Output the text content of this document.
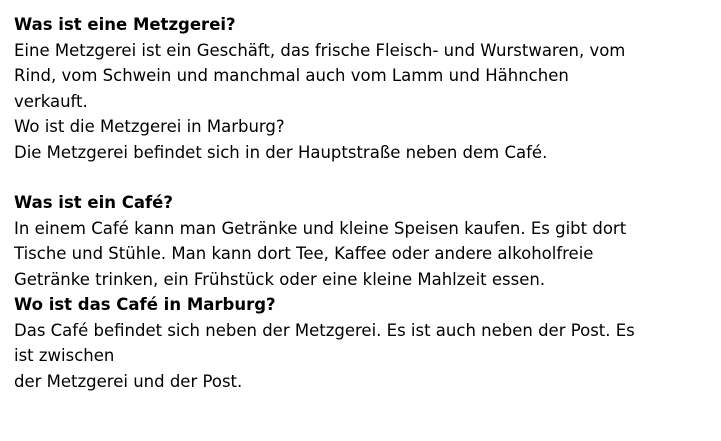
Was ist eine Metzgerei?
Eine Metzgerei ist ein Geschäft, das frische Fleisch- und Wurstwaren, vom
Rind, vom Schwein und manchmal auch vom Lamm und Hähnchen
verkauft.
Wo ist die Metzgerei in Marburg?
Die Metzgerei befindet sich in der Hauptstraße neben dem Café.
Was ist ein Café?
In einem Café kann man Getränke und kleine Speisen kaufen. Es gibt dort
Tische und Stühle. Man kann dort Tee, Kaffee oder andere alkoholfreie
Getränke trinken, ein Frühstück oder eine kleine Mahlzeit essen.
Wo ist das Café in Marburg?
Das Café befindet sich neben der Metzgerei. Es ist auch neben der Post. Es
ist zwischen
der Metzgerei und der Post.
